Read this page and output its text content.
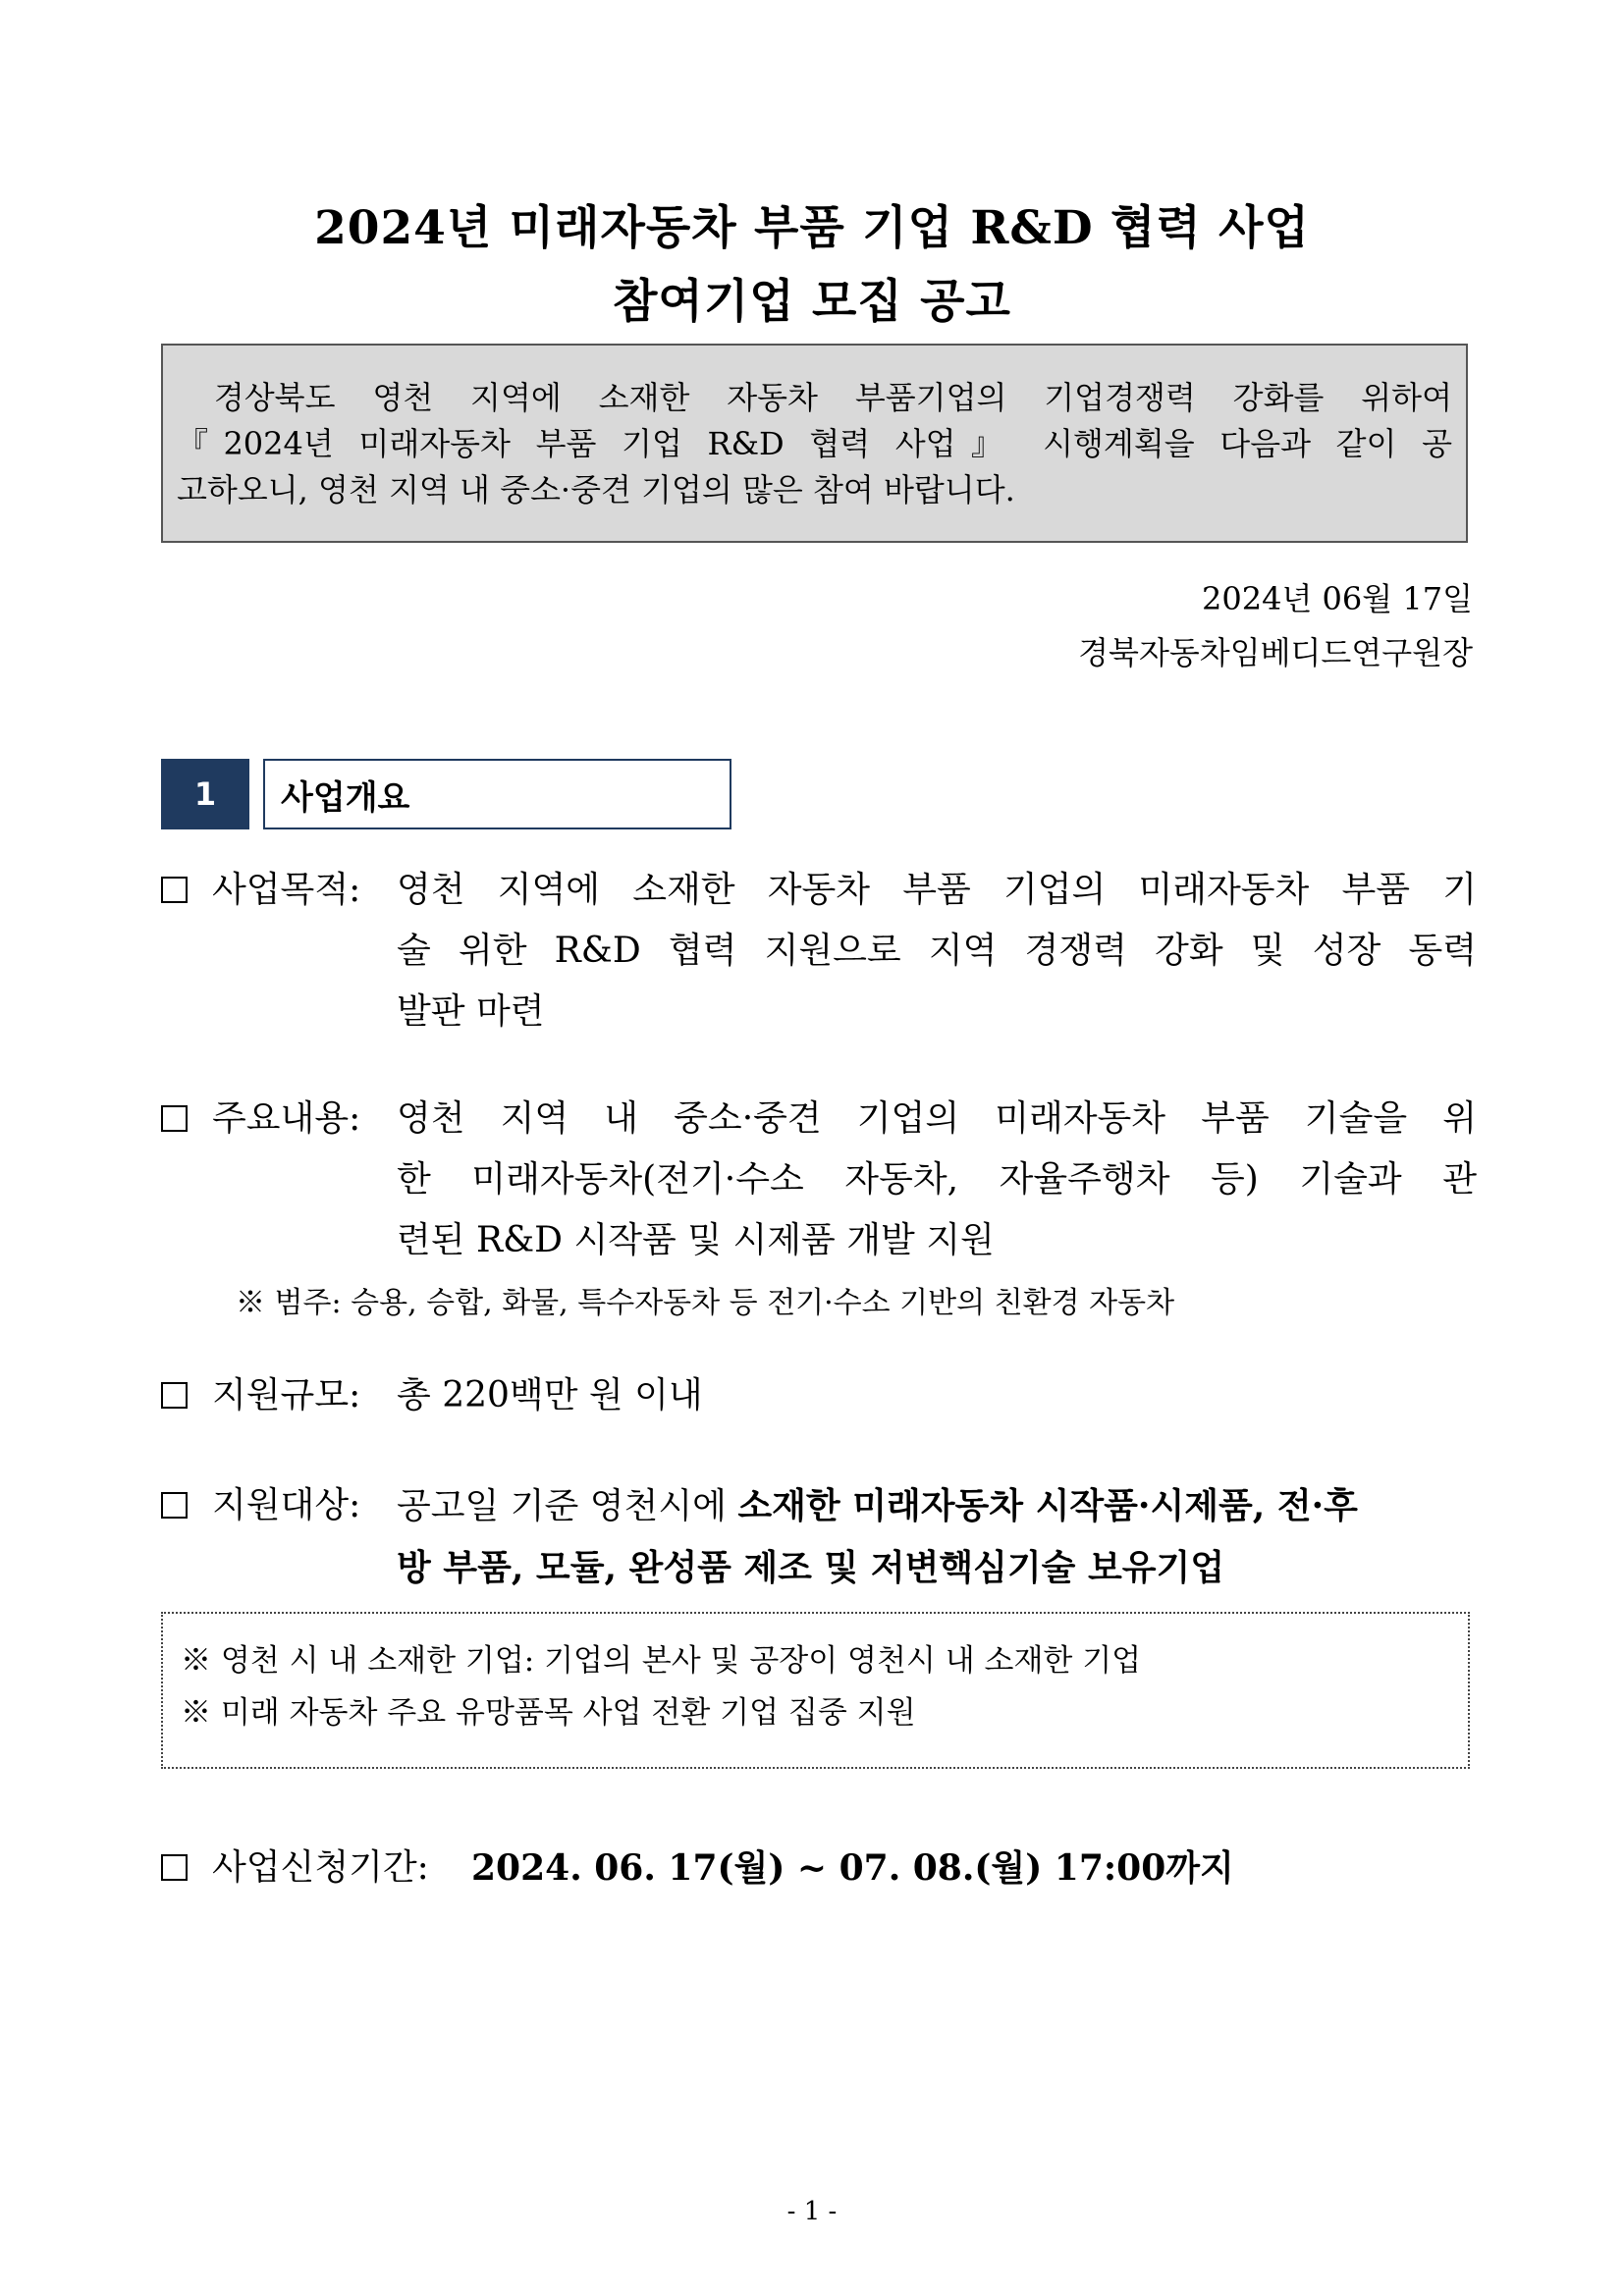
2024년 미래자동차 부품 기업 R&D 협력 사업
참여기업 모집 공고
경상북도 영천 지역에 소재한 자동차 부품기업의 기업경쟁력 강화를 위하여
『2024년 미래자동차 부품 기업 R&D 협력 사업』 시행계획을 다음과 같이 공
고하오니, 영천 지역 내 중소·중견 기업의 많은 참여 바랍니다.
2024년 06월 17일
경북자동차임베디드연구원장
1	사업개요
사업목적: 영천 지역에 소재한 자동차 부품 기업의 미래자동차 부품 기
술 위한 R&D 협력 지원으로 지역 경쟁력 강화 및 성장 동력
발판 마련
주요내용: 영천 지역 내 중소·중견 기업의 미래자동차 부품 기술을 위
한 미래자동차(전기·수소 자동차, 자율주행차 등) 기술과 관
련된 R&D 시작품 및 시제품 개발 지원
※ 범주: 승용, 승합, 화물, 특수자동차 등 전기·수소 기반의 친환경 자동차
지원규모: 총 220백만 원 이내
지원대상: 공고일 기준 영천시에 소재한 미래자동차 시작품·시제품, 전·후
방 부품, 모듈, 완성품 제조 및 저변핵심기술 보유기업
※ 영천 시 내 소재한 기업: 기업의 본사 및 공장이 영천시 내 소재한 기업
※ 미래 자동차 주요 유망품목 사업 전환 기업 집중 지원
사업신청기간: 2024. 06. 17(월) ~ 07. 08.(월) 17:00까지
- 1 -
